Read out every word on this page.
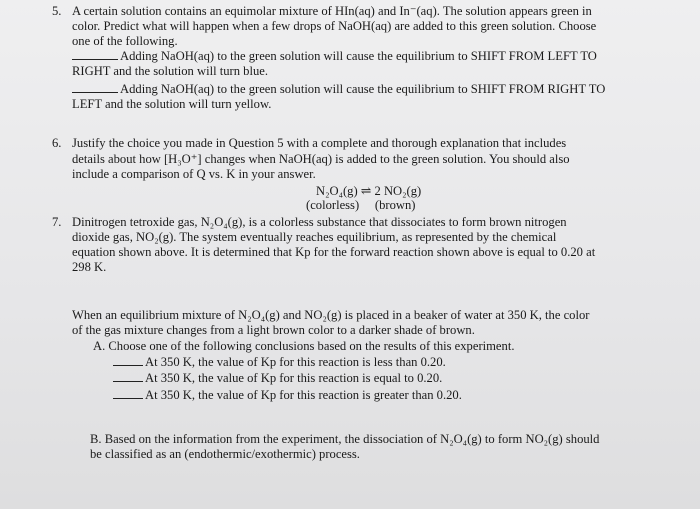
5. A certain solution contains an equimolar mixture of HIn(aq) and In⁻(aq). The solution appears green in
color. Predict what will happen when a few drops of NaOH(aq) are added to this green solution. Choose
one of the following.
Adding NaOH(aq) to the green solution will cause the equilibrium to SHIFT FROM LEFT TO
RIGHT and the solution will turn blue.
Adding NaOH(aq) to the green solution will cause the equilibrium to SHIFT FROM RIGHT TO
LEFT and the solution will turn yellow.
6. Justify the choice you made in Question 5 with a complete and thorough explanation that includes
details about how [H₃O⁺] changes when NaOH(aq) is added to the green solution. You should also
include a comparison of Q vs. K in your answer.
N₂O₄(g) ⇌ 2 NO₂(g)
(colorless)     (brown)
7. Dinitrogen tetroxide gas, N₂O₄(g), is a colorless substance that dissociates to form brown nitrogen
dioxide gas, NO₂(g). The system eventually reaches equilibrium, as represented by the chemical
equation shown above. It is determined that Kp for the forward reaction shown above is equal to 0.20 at
298 K.
When an equilibrium mixture of N₂O₄(g) and NO₂(g) is placed in a beaker of water at 350 K, the color
of the gas mixture changes from a light brown color to a darker shade of brown.
A. Choose one of the following conclusions based on the results of this experiment.
At 350 K, the value of Kp for this reaction is less than 0.20.
At 350 K, the value of Kp for this reaction is equal to 0.20.
At 350 K, the value of Kp for this reaction is greater than 0.20.
B. Based on the information from the experiment, the dissociation of N₂O₄(g) to form NO₂(g) should
be classified as an (endothermic/exothermic) process.
